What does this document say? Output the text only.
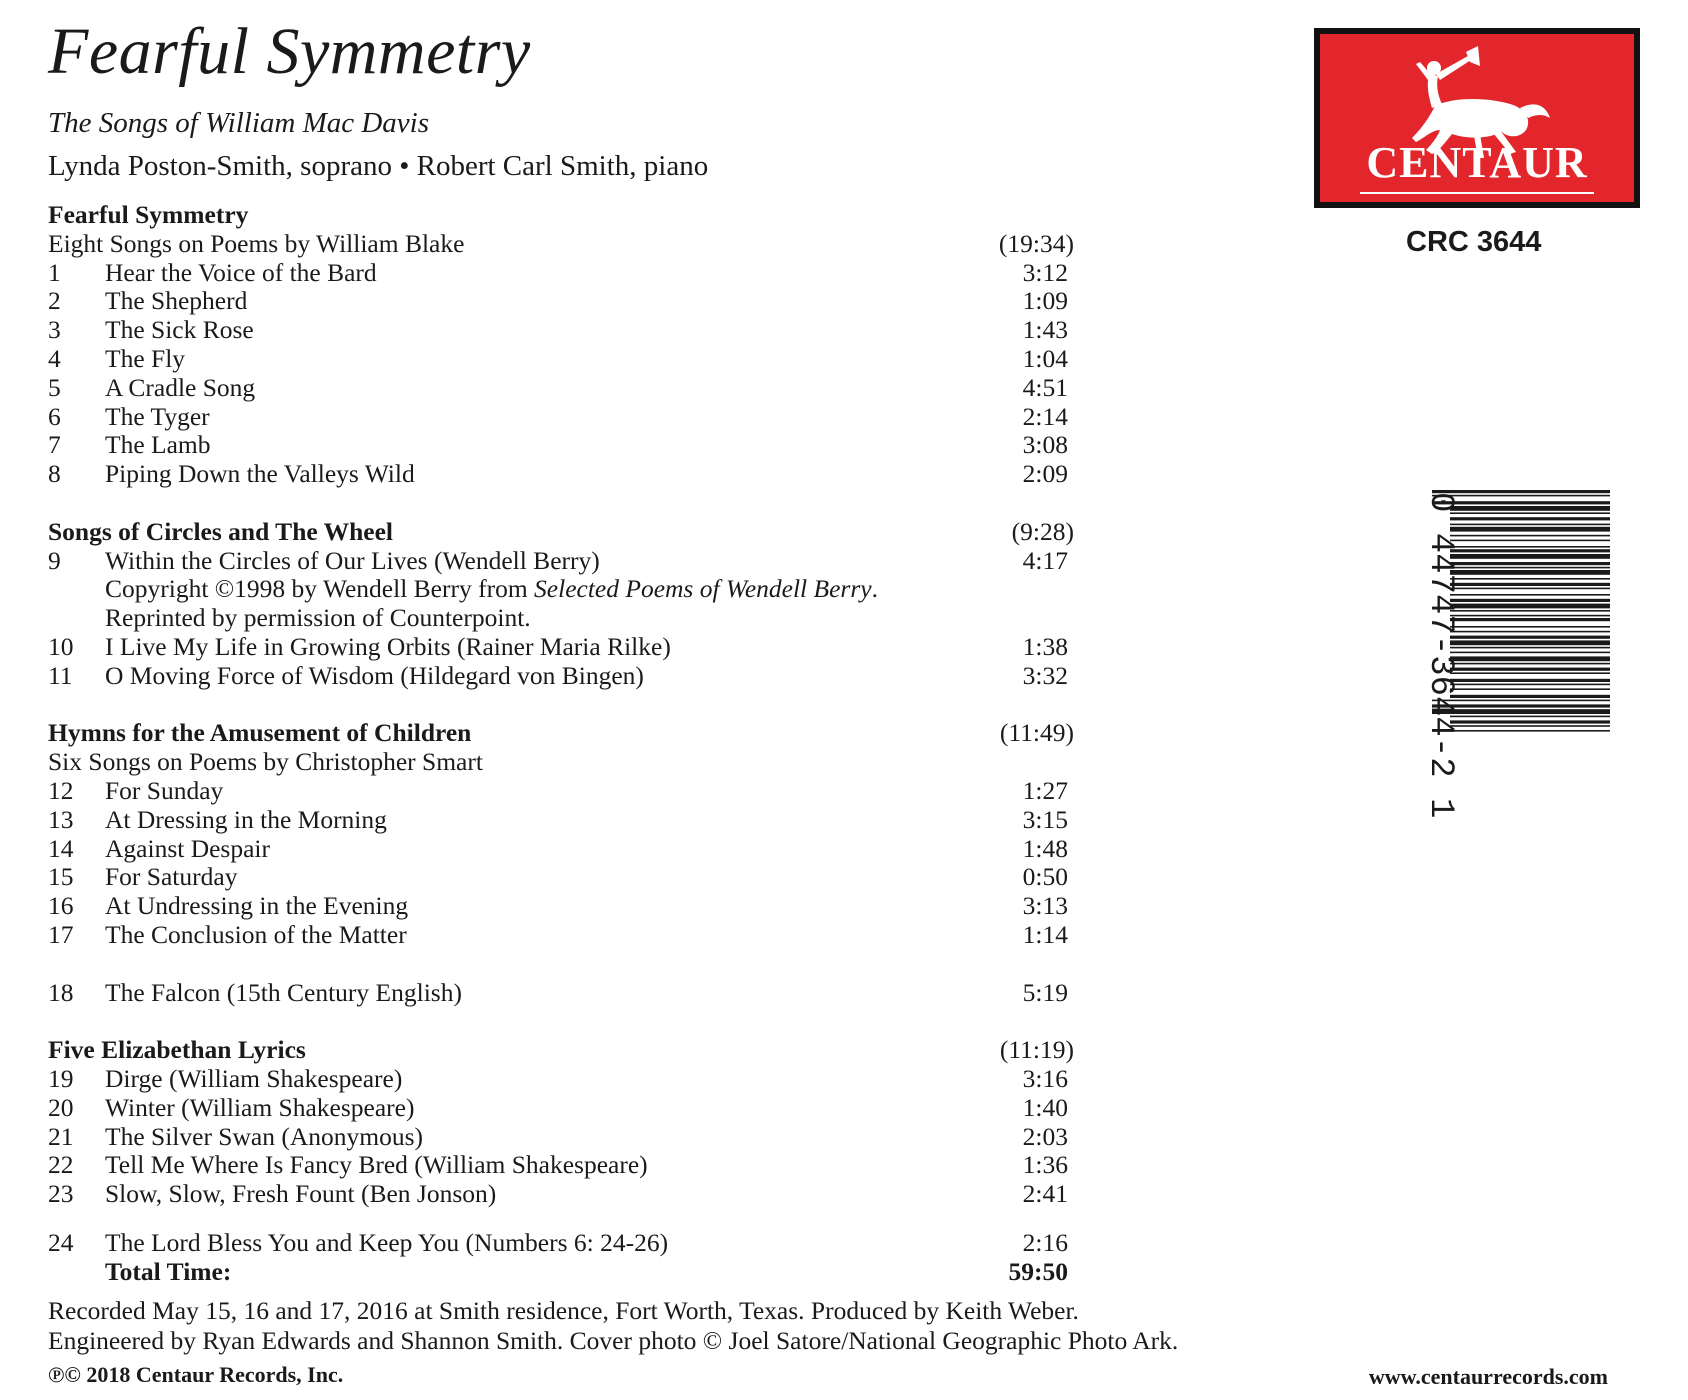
Fearful Symmetry
The Songs of William Mac Davis
Lynda Poston-Smith, soprano • Robert Carl Smith, piano
Fearful Symmetry
Eight Songs on Poems by William Blake	(19:34)
1 Hear the Voice of the Bard	3:12
2 The Shepherd	1:09
3 The Sick Rose	1:43
4 The Fly	1:04
5 A Cradle Song	4:51
6 The Tyger	2:14
7 The Lamb	3:08
8 Piping Down the Valleys Wild	2:09
Songs of Circles and The Wheel	(9:28)
9 Within the Circles of Our Lives (Wendell Berry)	4:17
Copyright ©1998 by Wendell Berry from Selected Poems of Wendell Berry.
Reprinted by permission of Counterpoint.
10 I Live My Life in Growing Orbits (Rainer Maria Rilke)	1:38
11 O Moving Force of Wisdom (Hildegard von Bingen)	3:32
Hymns for the Amusement of Children	(11:49)
Six Songs on Poems by Christopher Smart
12 For Sunday	1:27
13 At Dressing in the Morning	3:15
14 Against Despair	1:48
15 For Saturday	0:50
16 At Undressing in the Evening	3:13
17 The Conclusion of the Matter	1:14
18 The Falcon (15th Century English)	5:19
Five Elizabethan Lyrics	(11:19)
19 Dirge (William Shakespeare)	3:16
20 Winter (William Shakespeare)	1:40
21 The Silver Swan (Anonymous)	2:03
22 Tell Me Where Is Fancy Bred (William Shakespeare)	1:36
23 Slow, Slow, Fresh Fount (Ben Jonson)	2:41
24 The Lord Bless You and Keep You (Numbers 6: 24-26)	2:16
Total Time:	59:50
Recorded May 15, 16 and 17, 2016 at Smith residence, Fort Worth, Texas. Produced by Keith Weber.
Engineered by Ryan Edwards and Shannon Smith. Cover photo © Joel Satore/National Geographic Photo Ark.
℗© 2018 Centaur Records, Inc.	www.centaurrecords.com
CENTAUR
CRC 3644
0 44747-3644-2 1
